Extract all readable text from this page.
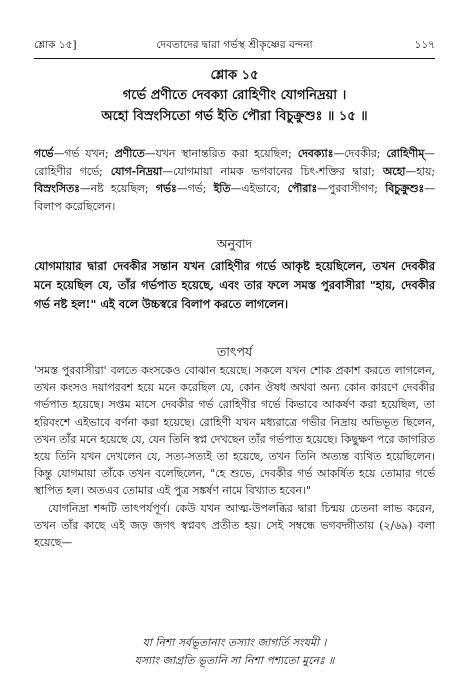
শ্লোক ১৫]	দেবতাদের দ্বারা গর্ভস্থ শ্রীকৃষ্ণের বন্দনা	১১৭
শ্লোক ১৫
গর্ভে প্রণীতে দেবক্যা রোহিণীং যোগনিদ্রয়া ।
অহো বিস্রংসিতো গর্ভ ইতি পৌরা বিচুক্রুশুঃ ॥ ১৫ ॥
গর্ভে—গর্ভ যখন; প্রণীতে—যখন স্থানান্তরিত করা হয়েছিল; দেবক্যাঃ—দেবকীর; রোহিণীম্—রোহিণীর গর্ভে; যোগ-নিদ্রয়া—যোগমায়া নামক ভগবানের চিৎ-শক্তির দ্বারা; অহো—হায়; বিস্রংসিতঃ—নষ্ট হয়েছিল; গর্ভঃ—গর্ভ; ইতি—এইভাবে; পৌরাঃ—পুরবাসীগণ; বিচুক্রুশুঃ—বিলাপ করেছিলেন।
অনুবাদ
যোগমায়ার দ্বারা দেবকীর সন্তান যখন রোহিণীর গর্ভে আকৃষ্ট হয়েছিলেন, তখন দেবকীর মনে হয়েছিল যে, তাঁর গর্ভপাত হয়েছে, এবং তার ফলে সমস্ত পুরবাসীরা "হায়, দেবকীর গর্ভ নষ্ট হল!" এই বলে উচ্চস্বরে বিলাপ করতে লাগলেন।
তাৎপর্য

'সমস্ত পুরবাসীরা' বলতে কংসকেও বোঝান হয়েছে। সকলে যখন শোক প্রকাশ করতে লাগলেন, তখন কংসও দয়াপরবশ হয়ে মনে করেছিল যে, কোন ঔষধ অথবা অন্য কোন কারণে দেবকীর গর্ভপাত হয়েছে। সপ্তম মাসে দেবকীর গর্ভ রোহিণীর গর্ভে কিভাবে আকর্ষণ করা হয়েছিল, তা হরিবংশে এইভাবে বর্ণনা করা হয়েছে। রোহিণী যখন মধ্যরাত্রে গভীর নিদ্রায় অভিভূত ছিলেন, তখন তাঁর মনে হয়েছে যে, যেন তিনি স্বপ্ন দেখছেন তাঁর গর্ভপাত হয়েছে। কিছুক্ষণ পরে জাগরিত হয়ে তিনি যখন দেখলেন যে, সত্য-সত্যই তা হয়েছে, তখন তিনি অত্যন্ত ব্যথিত হয়েছিলেন। কিন্তু যোগমায়া তাঁকে তখন বলেছিলেন, "হে শুভে, দেবকীর গর্ভ আকর্ষিত হয়ে তোমার গর্ভে স্থাপিত হল। অতএব তোমার এই পুত্র সঙ্কর্ষণ নামে বিখ্যাত হবেন।"

যোগনিদ্রা শব্দটি তাৎপর্যপূর্ণ। কেউ যখন আত্ম-উপলব্ধির দ্বারা চিন্ময় চেতনা লাভ করেন, তখন তাঁর কাছে এই জড় জগৎ স্বপ্নবৎ প্রতীত হয়। সেই সম্বন্ধে ভগবদ্গীতায় (২/৬৯) বলা হয়েছে—

যা নিশা সর্বভূতানাং তস্যাং জাগর্তি সংযমী ।
যস্যাং জাগ্রতি ভূতানি সা নিশা পশ্যতো মুনেঃ ॥
